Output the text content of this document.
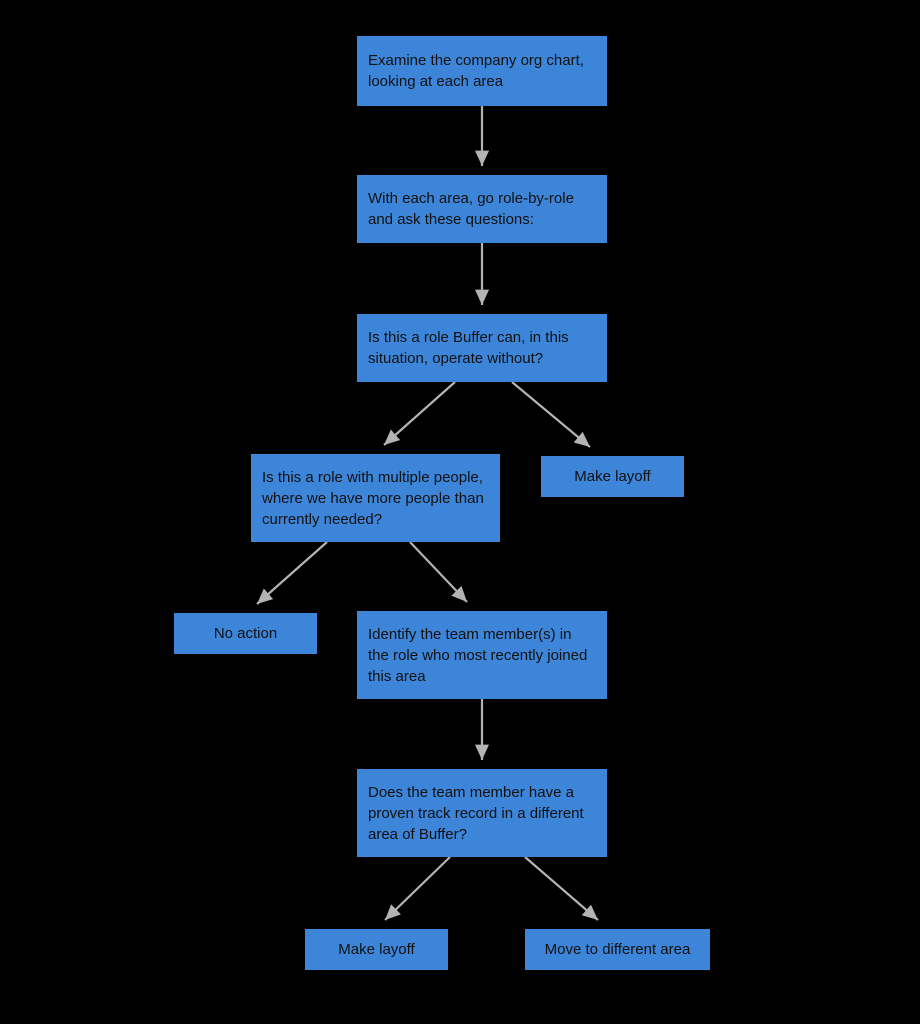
Examine the company org chart, looking at each area
With each area, go role-by-role and ask these questions:
Is this a role Buffer can, in this situation, operate without?
Is this a role with multiple people, where we have more people than currently needed?
Make layoff
No action	Identify the team member(s) in the role who most recently joined this area
Does the team member have a proven track record in a different area of Buffer?
Make layoff	Move to different area
